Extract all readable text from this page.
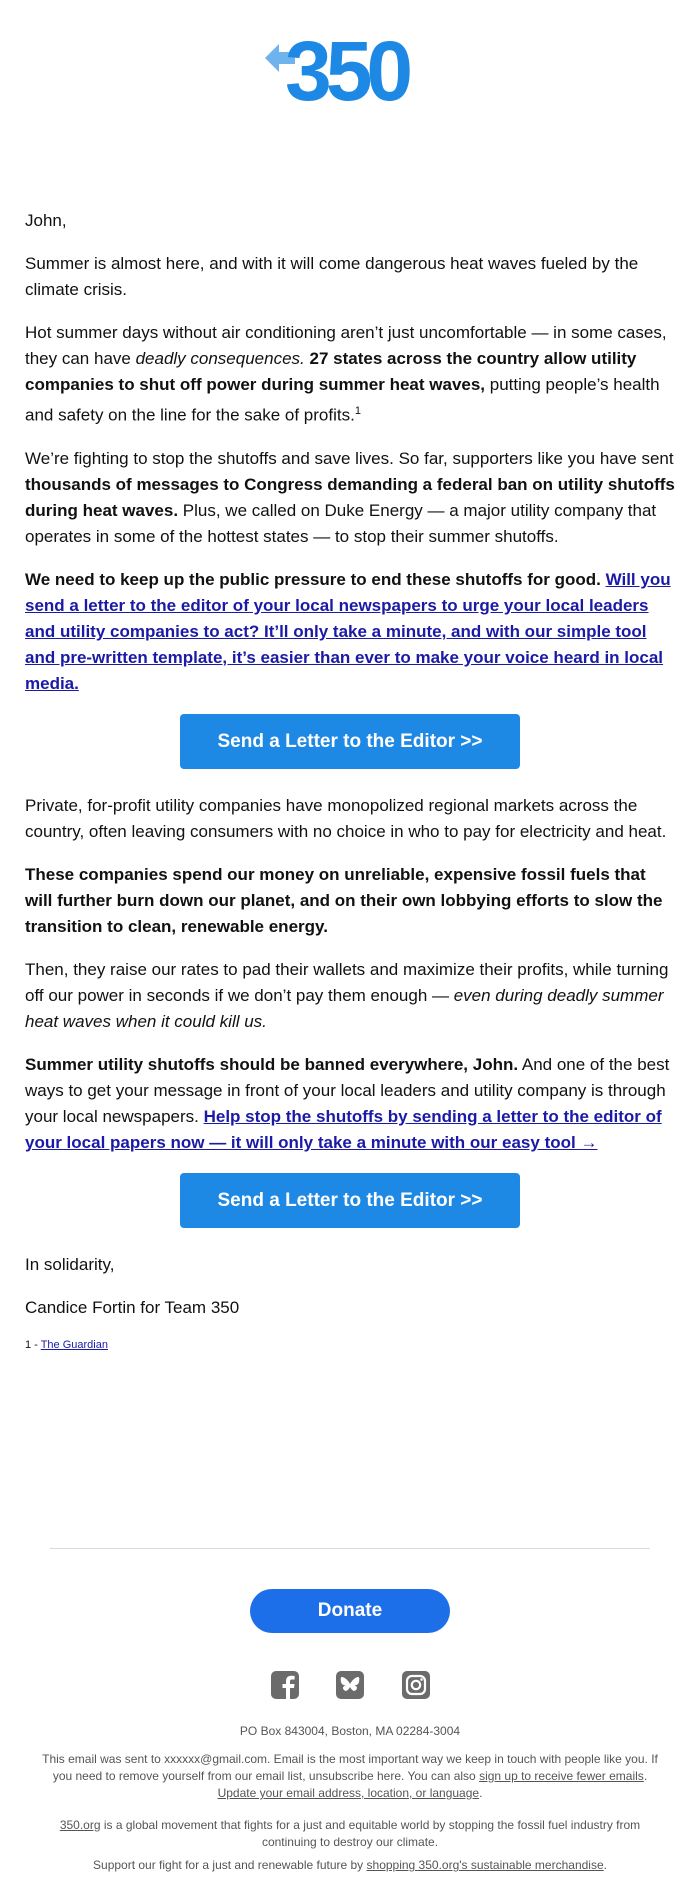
350

John,

Summer is almost here, and with it will come dangerous heat waves fueled by the climate crisis.

Hot summer days without air conditioning aren’t just uncomfortable — in some cases, they can have deadly consequences. 27 states across the country allow utility companies to shut off power during summer heat waves, putting people’s health and safety on the line for the sake of profits.$^1$

We’re fighting to stop the shutoffs and save lives. So far, supporters like you have sent thousands of messages to Congress demanding a federal ban on utility shutoffs during heat waves. Plus, we called on Duke Energy — a major utility company that operates in some of the hottest states — to stop their summer shutoffs.

We need to keep up the public pressure to end these shutoffs for good. Will you send a letter to the editor of your local newspapers to urge your local leaders and utility companies to act? It’ll only take a minute, and with our simple tool and pre-written template, it’s easier than ever to make your voice heard in local media.

Send a Letter to the Editor >>

Private, for-profit utility companies have monopolized regional markets across the country, often leaving consumers with no choice in who to pay for electricity and heat.

These companies spend our money on unreliable, expensive fossil fuels that will further burn down our planet, and on their own lobbying efforts to slow the transition to clean, renewable energy.

Then, they raise our rates to pad their wallets and maximize their profits, while turning off our power in seconds if we don’t pay them enough — even during deadly summer heat waves when it could kill us.

Summer utility shutoffs should be banned everywhere, John. And one of the best ways to get your message in front of your local leaders and utility company is through your local newspapers. Help stop the shutoffs by sending a letter to the editor of your local papers now — it will only take a minute with our easy tool →

Send a Letter to the Editor >>

In solidarity,

Candice Fortin for Team 350

1 - The Guardian
Donate
PO Box 843004, Boston, MA 02284-3004
This email was sent to xxxxxx@gmail.com. Email is the most important way we keep in touch with people like you. If you need to remove yourself from our email list, unsubscribe here. You can also sign up to receive fewer emails. Update your email address, location, or language.
350.org is a global movement that fights for a just and equitable world by stopping the fossil fuel industry from continuing to destroy our climate.
Support our fight for a just and renewable future by shopping 350.org's sustainable merchandise.
